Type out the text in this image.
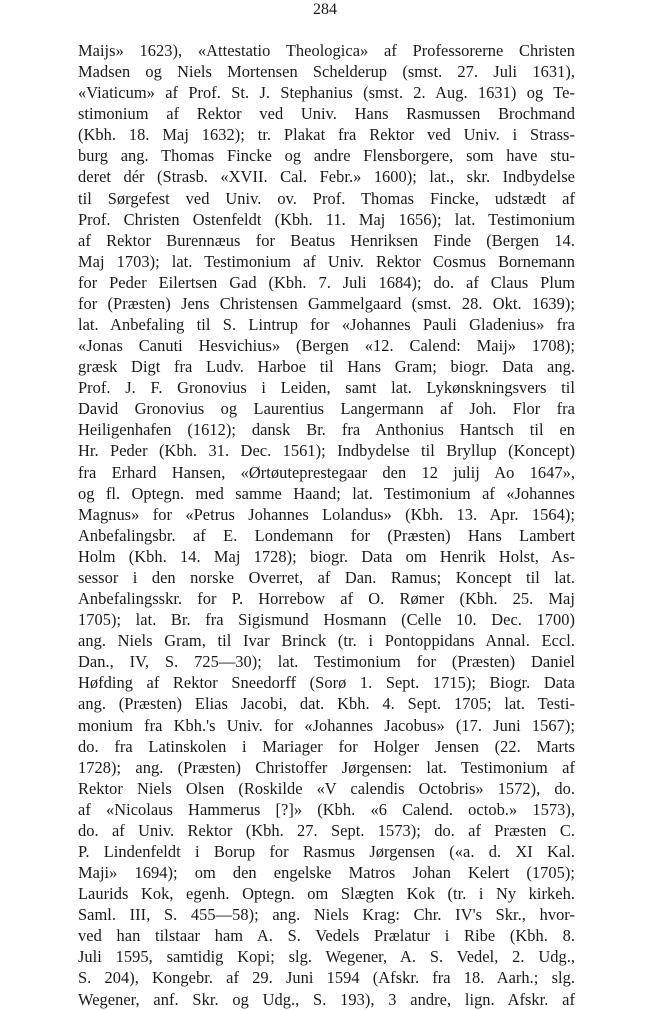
284
Maijs» 1623), «Attestatio Theologica» af Professorerne Christen
Madsen og Niels Mortensen Schelderup (smst. 27. Juli 1631),
«Viaticum» af Prof. St. J. Stephanius (smst. 2. Aug. 1631) og Te-
stimonium af Rektor ved Univ. Hans Rasmussen Brochmand
(Kbh. 18. Maj 1632); tr. Plakat fra Rektor ved Univ. i Strass-
burg ang. Thomas Fincke og andre Flensborgere, som have stu-
deret dér (Strasb. «XVII. Cal. Febr.» 1600); lat., skr. Indbydelse
til Sørgefest ved Univ. ov. Prof. Thomas Fincke, udstædt af
Prof. Christen Ostenfeldt (Kbh. 11. Maj 1656); lat. Testimonium
af Rektor Burennæus for Beatus Henriksen Finde (Bergen 14.
Maj 1703); lat. Testimonium af Univ. Rektor Cosmus Bornemann
for Peder Eilertsen Gad (Kbh. 7. Juli 1684); do. af Claus Plum
for (Præsten) Jens Christensen Gammelgaard (smst. 28. Okt. 1639);
lat. Anbefaling til S. Lintrup for «Johannes Pauli Gladenius» fra
«Jonas Canuti Hesvichius» (Bergen «12. Calend: Maij» 1708);
græsk Digt fra Ludv. Harboe til Hans Gram; biogr. Data ang.
Prof. J. F. Gronovius i Leiden, samt lat. Lykønskningsvers til
David Gronovius og Laurentius Langermann af Joh. Flor fra
Heiligenhafen (1612); dansk Br. fra Anthonius Hantsch til en
Hr. Peder (Kbh. 31. Dec. 1561); Indbydelse til Bryllup (Koncept)
fra Erhard Hansen, «Ørtøuteprestegaar den 12 julij Ao 1647»,
og fl. Optegn. med samme Haand; lat. Testimonium af «Johannes
Magnus» for «Petrus Johannes Lolandus» (Kbh. 13. Apr. 1564);
Anbefalingsbr. af E. Londemann for (Præsten) Hans Lambert
Holm (Kbh. 14. Maj 1728); biogr. Data om Henrik Holst, As-
sessor i den norske Overret, af Dan. Ramus; Koncept til lat.
Anbefalingsskr. for P. Horrebow af O. Rømer (Kbh. 25. Maj
1705); lat. Br. fra Sigismund Hosmann (Celle 10. Dec. 1700)
ang. Niels Gram, til Ivar Brinck (tr. i Pontoppidans Annal. Eccl.
Dan., IV, S. 725—30); lat. Testimonium for (Præsten) Daniel
Høfding af Rektor Sneedorff (Sorø 1. Sept. 1715); Biogr. Data
ang. (Præsten) Elias Jacobi, dat. Kbh. 4. Sept. 1705; lat. Testi-
monium fra Kbh.'s Univ. for «Johannes Jacobus» (17. Juni 1567);
do. fra Latinskolen i Mariager for Holger Jensen (22. Marts
1728); ang. (Præsten) Christoffer Jørgensen: lat. Testimonium af
Rektor Niels Olsen (Roskilde «V calendis Octobris» 1572), do.
af «Nicolaus Hammerus [?]» (Kbh. «6 Calend. octob.» 1573),
do. af Univ. Rektor (Kbh. 27. Sept. 1573); do. af Præsten C.
P. Lindenfeldt i Borup for Rasmus Jørgensen («a. d. XI Kal.
Maji» 1694); om den engelske Matros Johan Kelert (1705);
Laurids Kok, egenh. Optegn. om Slægten Kok (tr. i Ny kirkeh.
Saml. III, S. 455—58); ang. Niels Krag: Chr. IV's Skr., hvor-
ved han tilstaar ham A. S. Vedels Prælatur i Ribe (Kbh. 8.
Juli 1595, samtidig Kopi; slg. Wegener, A. S. Vedel, 2. Udg.,
S. 204), Kongebr. af 29. Juni 1594 (Afskr. fra 18. Aarh.; slg.
Wegener, anf. Skr. og Udg., S. 193), 3 andre, lign. Afskr. af
